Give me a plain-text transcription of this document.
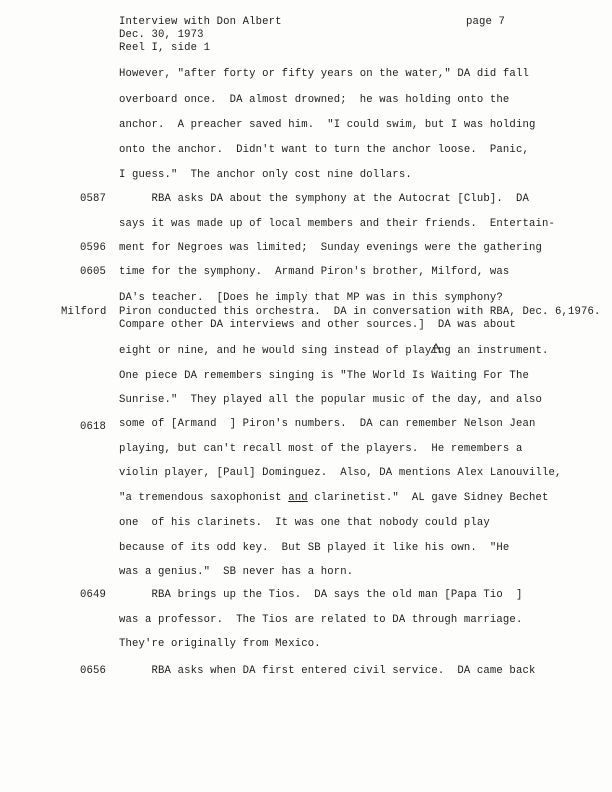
Interview with Don Albert	page 7
Dec. 30, 1973
Reel I, side 1
0587
0596
0605
Milford
0618
0649
0656
However, "after forty or fifty years on the water," DA did fall
overboard once.  DA almost drowned;  he was holding onto the
anchor.  A preacher saved him.  "I could swim, but I was holding
onto the anchor.  Didn't want to turn the anchor loose.  Panic,
I guess."  The anchor only cost nine dollars.
RBA asks DA about the symphony at the Autocrat [Club].  DA
says it was made up of local members and their friends.  Entertain-
ment for Negroes was limited;  Sunday evenings were the gathering
time for the symphony.  Armand Piron's brother, Milford, was
DA's teacher.  [Does he imply that MP was in this symphony?
Piron conducted this orchestra.  DA in conversation with RBA, Dec. 6,1976.
Compare other DA interviews and other sources.]  DA was about
eight or nine, and he would sing instead of playing an instrument.
One piece DA remembers singing is "The World Is Waiting For The
Sunrise."  They played all the popular music of the day, and also
some of [Armand  ] Piron's numbers.  DA can remember Nelson Jean
playing, but can't recall most of the players.  He remembers a
violin player, [Paul] Dominguez.  Also, DA mentions Alex Lanouville,
"a tremendous saxophonist and clarinetist."  AL gave Sidney Bechet
one  of his clarinets.  It was one that nobody could play
because of its odd key.  But SB played it like his own.  "He
was a genius."  SB never has a horn.
RBA brings up the Tios.  DA says the old man [Papa Tio  ]
was a professor.  The Tios are related to DA through marriage.
They're originally from Mexico.
RBA asks when DA first entered civil service.  DA came back
